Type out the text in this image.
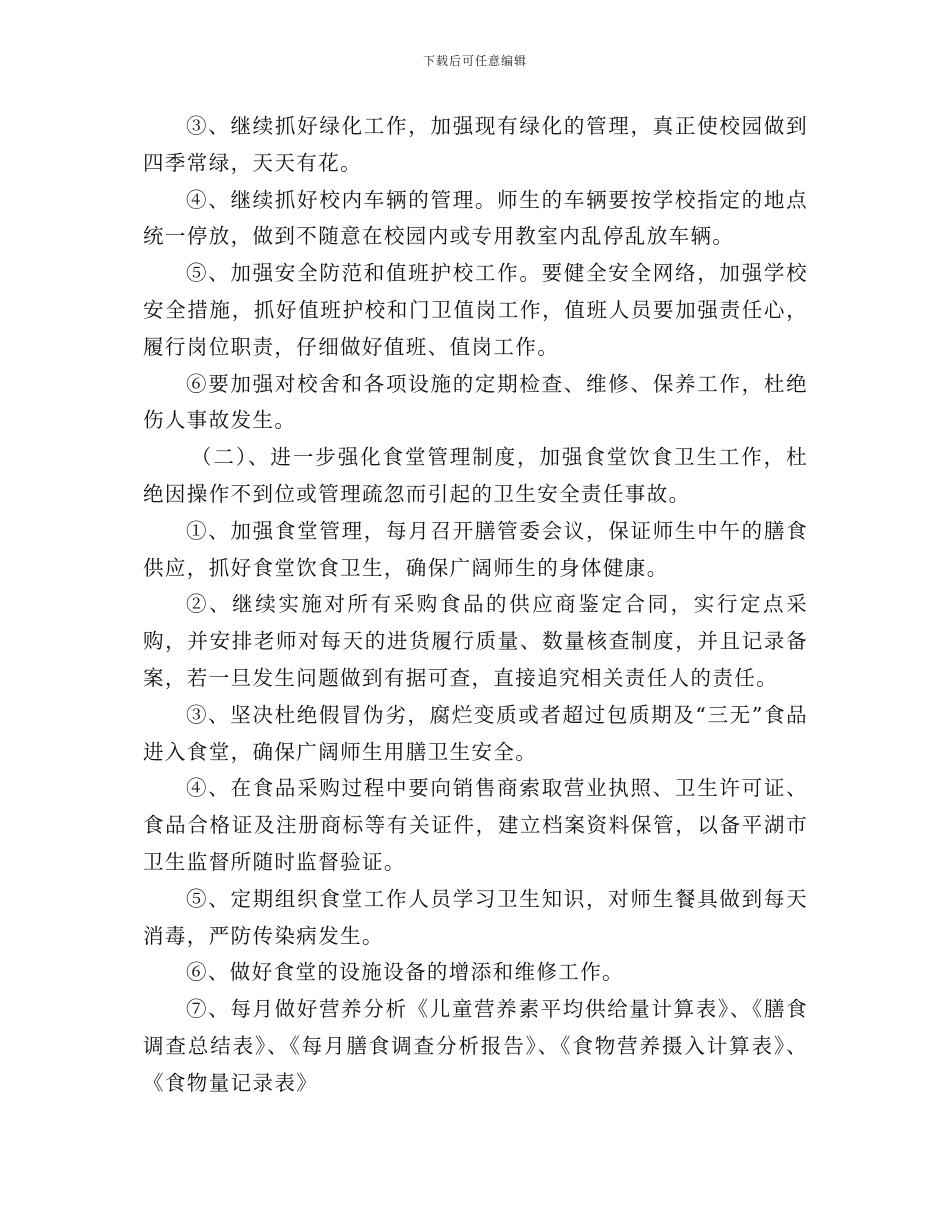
下载后可任意编辑

③、继续抓好绿化工作，加强现有绿化的管理，真正使校园做到四季常绿，天天有花。

④、继续抓好校内车辆的管理。师生的车辆要按学校指定的地点统一停放，做到不随意在校园内或专用教室内乱停乱放车辆。

⑤、加强安全防范和值班护校工作。要健全安全网络，加强学校安全措施，抓好值班护校和门卫值岗工作，值班人员要加强责任心，履行岗位职责，仔细做好值班、值岗工作。

⑥要加强对校舍和各项设施的定期检查、维修、保养工作，杜绝伤人事故发生。

（二）、进一步强化食堂管理制度，加强食堂饮食卫生工作，杜绝因操作不到位或管理疏忽而引起的卫生安全责任事故。

①、加强食堂管理，每月召开膳管委会议，保证师生中午的膳食供应，抓好食堂饮食卫生，确保广阔师生的身体健康。

②、继续实施对所有采购食品的供应商鉴定合同，实行定点采购，并安排老师对每天的进货履行质量、数量核查制度，并且记录备案，若一旦发生问题做到有据可查，直接追究相关责任人的责任。

③、坚决杜绝假冒伪劣，腐烂变质或者超过包质期及“三无”食品进入食堂，确保广阔师生用膳卫生安全。

④、在食品采购过程中要向销售商索取营业执照、卫生许可证、食品合格证及注册商标等有关证件，建立档案资料保管，以备平湖市卫生监督所随时监督验证。

⑤、定期组织食堂工作人员学习卫生知识，对师生餐具做到每天消毒，严防传染病发生。

⑥、做好食堂的设施设备的增添和维修工作。

⑦、每月做好营养分析《儿童营养素平均供给量计算表》、《膳食调查总结表》、《每月膳食调查分析报告》、《食物营养摄入计算表》、《食物量记录表》
